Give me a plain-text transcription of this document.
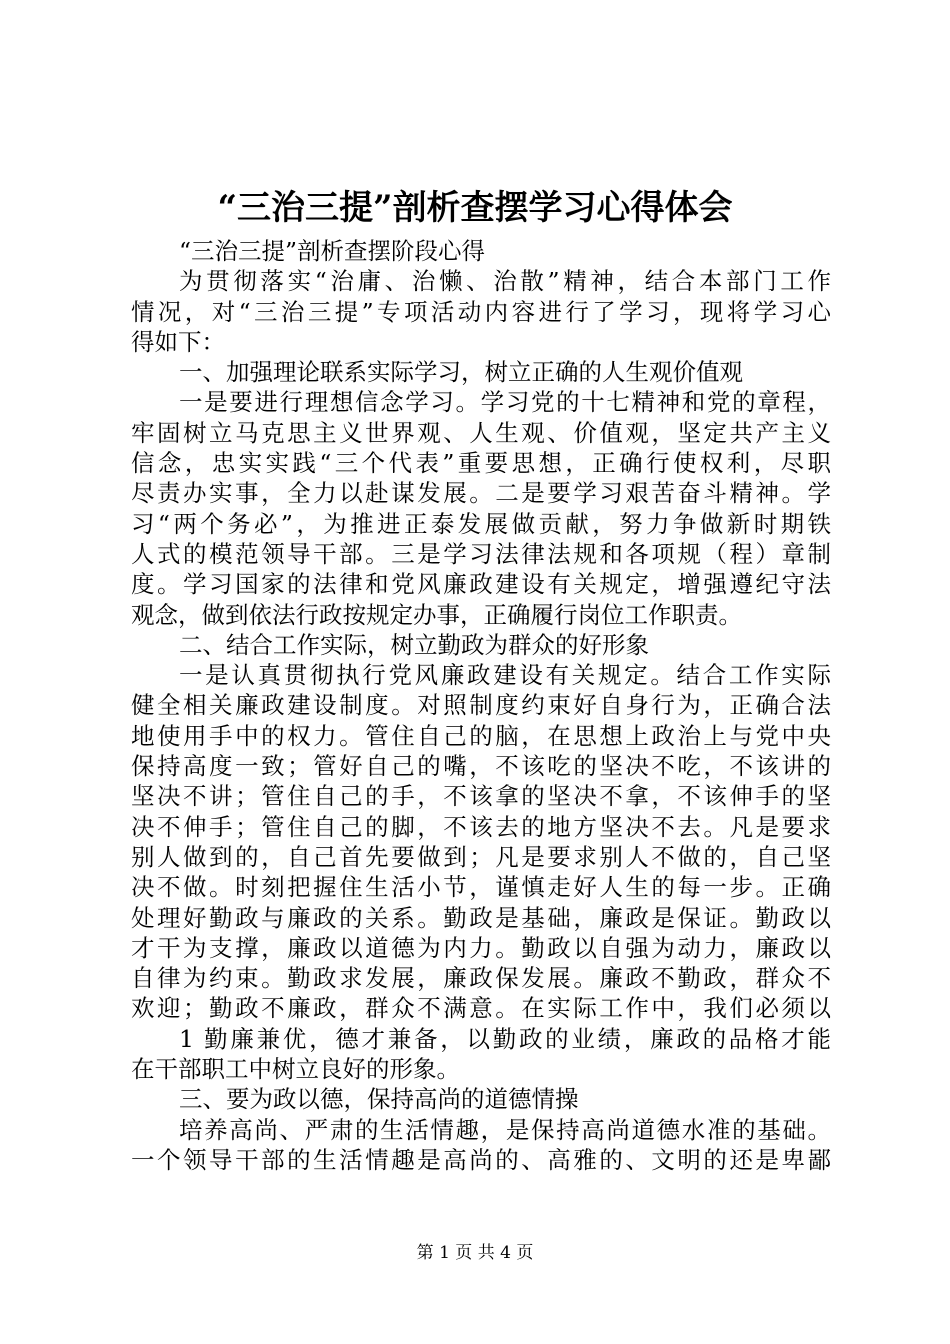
“三治三提”剖析查摆学习心得体会
“三治三提”剖析查摆阶段心得
为贯彻落实“治庸、治懒、治散”精神，结合本部门工作
情况，对“三治三提”专项活动内容进行了学习，现将学习心
得如下：
一、加强理论联系实际学习，树立正确的人生观价值观
一是要进行理想信念学习。学习党的十七精神和党的章程，
牢固树立马克思主义世界观、人生观、价值观，坚定共产主义
信念，忠实实践“三个代表”重要思想，正确行使权利，尽职
尽责办实事，全力以赴谋发展。二是要学习艰苦奋斗精神。学
习“两个务必”，为推进正泰发展做贡献，努力争做新时期铁
人式的模范领导干部。三是学习法律法规和各项规（程）章制
度。学习国家的法律和党风廉政建设有关规定，增强遵纪守法
观念，做到依法行政按规定办事，正确履行岗位工作职责。
二、结合工作实际，树立勤政为群众的好形象
一是认真贯彻执行党风廉政建设有关规定。结合工作实际
健全相关廉政建设制度。对照制度约束好自身行为，正确合法
地使用手中的权力。管住自己的脑，在思想上政治上与党中央
保持高度一致；管好自己的嘴，不该吃的坚决不吃，不该讲的
坚决不讲；管住自己的手，不该拿的坚决不拿，不该伸手的坚
决不伸手；管住自己的脚，不该去的地方坚决不去。凡是要求
别人做到的，自己首先要做到；凡是要求别人不做的，自己坚
决不做。时刻把握住生活小节，谨慎走好人生的每一步。正确
处理好勤政与廉政的关系。勤政是基础，廉政是保证。勤政以
才干为支撑，廉政以道德为内力。勤政以自强为动力，廉政以
自律为约束。勤政求发展，廉政保发展。廉政不勤政，群众不
欢迎；勤政不廉政，群众不满意。在实际工作中，我们必须以
1 勤廉兼优，德才兼备，以勤政的业绩，廉政的品格才能
在干部职工中树立良好的形象。
三、要为政以德，保持高尚的道德情操
培养高尚、严肃的生活情趣，是保持高尚道德水准的基础。
一个领导干部的生活情趣是高尚的、高雅的、文明的还是卑鄙
第 1 页 共 4 页
